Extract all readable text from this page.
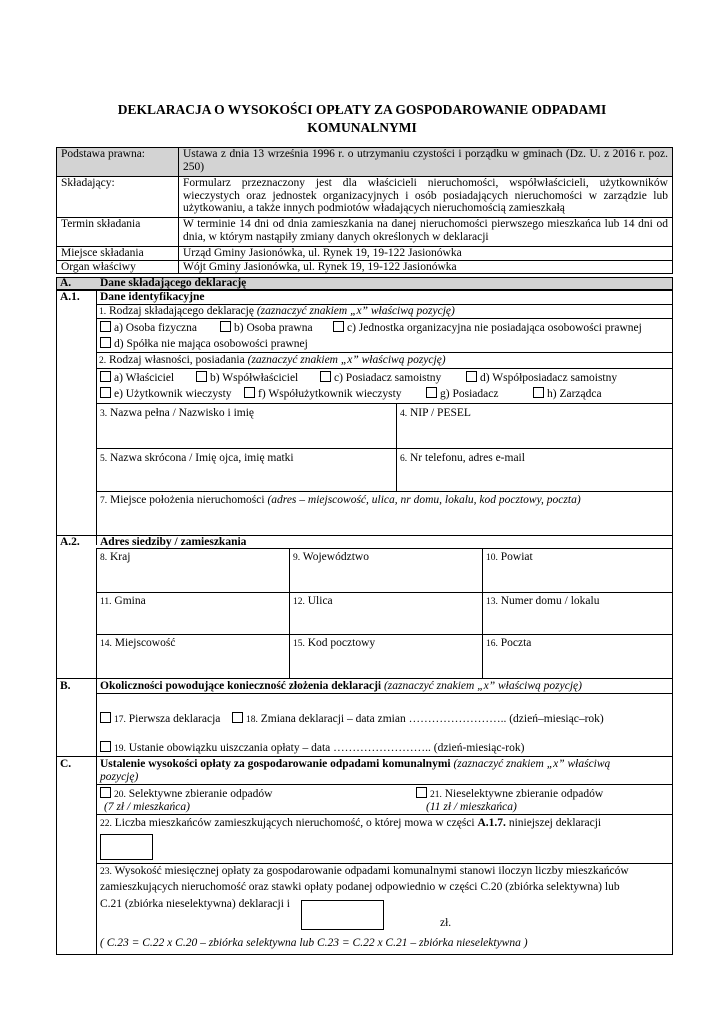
DEKLARACJA O WYSOKOŚCI OPŁATY ZA GOSPODAROWANIE ODPADAMI
KOMUNALNYMI
Podstawa prawna:	Ustawa z dnia 13 września 1996 r. o utrzymaniu czystości i porządku w gminach (Dz. U. z 2016 r. poz. 250)
Składający:	Formularz przeznaczony jest dla właścicieli nieruchomości, współwłaścicieli, użytkowników wieczystych oraz jednostek organizacyjnych i osób posiadających nieruchomości w zarządzie lub użytkowaniu, a także innych podmiotów władających nieruchomością zamieszkałą
Termin składania	W terminie 14 dni od dnia zamieszkania na danej nieruchomości pierwszego mieszkańca lub 14 dni od dnia, w którym nastąpiły zmiany danych określonych w deklaracji
Miejsce składania	Urząd Gminy Jasionówka, ul. Rynek 19, 19-122 Jasionówka
Organ właściwy	Wójt Gminy Jasionówka, ul. Rynek 19, 19-122 Jasionówka
A.	Dane składającego deklarację
A.1. Dane identyfikacyjne
1. Rodzaj składającego deklarację (zaznaczyć znakiem „x” właściwą pozycję)
a) Osoba fizyczna	b) Osoba prawna	c) Jednostka organizacyjna nie posiadająca osobowości prawnej
d) Spółka nie mająca osobowości prawnej
2. Rodzaj własności, posiadania (zaznaczyć znakiem „x” właściwą pozycję)
a) Właściciel	b) Współwłaściciel	c) Posiadacz samoistny	d) Współposiadacz samoistny
e) Użytkownik wieczysty	f) Współużytkownik wieczysty	g) Posiadacz	h) Zarządca
3. Nazwa pełna / Nazwisko i imię	4. NIP / PESEL
5. Nazwa skrócona / Imię ojca, imię matki	6. Nr telefonu, adres e-mail
7. Miejsce położenia nieruchomości (adres – miejscowość, ulica, nr domu, lokalu, kod pocztowy, poczta)
A.2. Adres siedziby / zamieszkania
8. Kraj	9. Województwo	10. Powiat
11. Gmina	12. Ulica	13. Numer domu / lokalu
14. Miejscowość	15. Kod pocztowy	16. Poczta
B.	Okoliczności powodujące konieczność złożenia deklaracji (zaznaczyć znakiem „x” właściwą pozycję)
17. Pierwsza deklaracja	18. Zmiana deklaracji – data zmian …………………….. (dzień–miesiąc–rok)
19. Ustanie obowiązku uiszczania opłaty – data …………………….. (dzień-miesiąc-rok)
C.	Ustalenie wysokości opłaty za gospodarowanie odpadami komunalnymi (zaznaczyć znakiem „x” właściwą
pozycję)
20. Selektywne zbieranie odpadów
(7 zł / mieszkańca)
21. Nieselektywne zbieranie odpadów
(11 zł / mieszkańca)
22. Liczba mieszkańców zamieszkujących nieruchomość, o której mowa w części A.1.7. niniejszej deklaracji
23. Wysokość miesięcznej opłaty za gospodarowanie odpadami komunalnymi stanowi iloczyn liczby mieszkańców
zamieszkujących nieruchomość oraz stawki opłaty podanej odpowiednio w części C.20 (zbiórka selektywna) lub
C.21 (zbiórka nieselektywna) deklaracji i
zł.
( C.23 = C.22 x C.20 – zbiórka selektywna lub C.23 = C.22 x C.21 – zbiórka nieselektywna )
